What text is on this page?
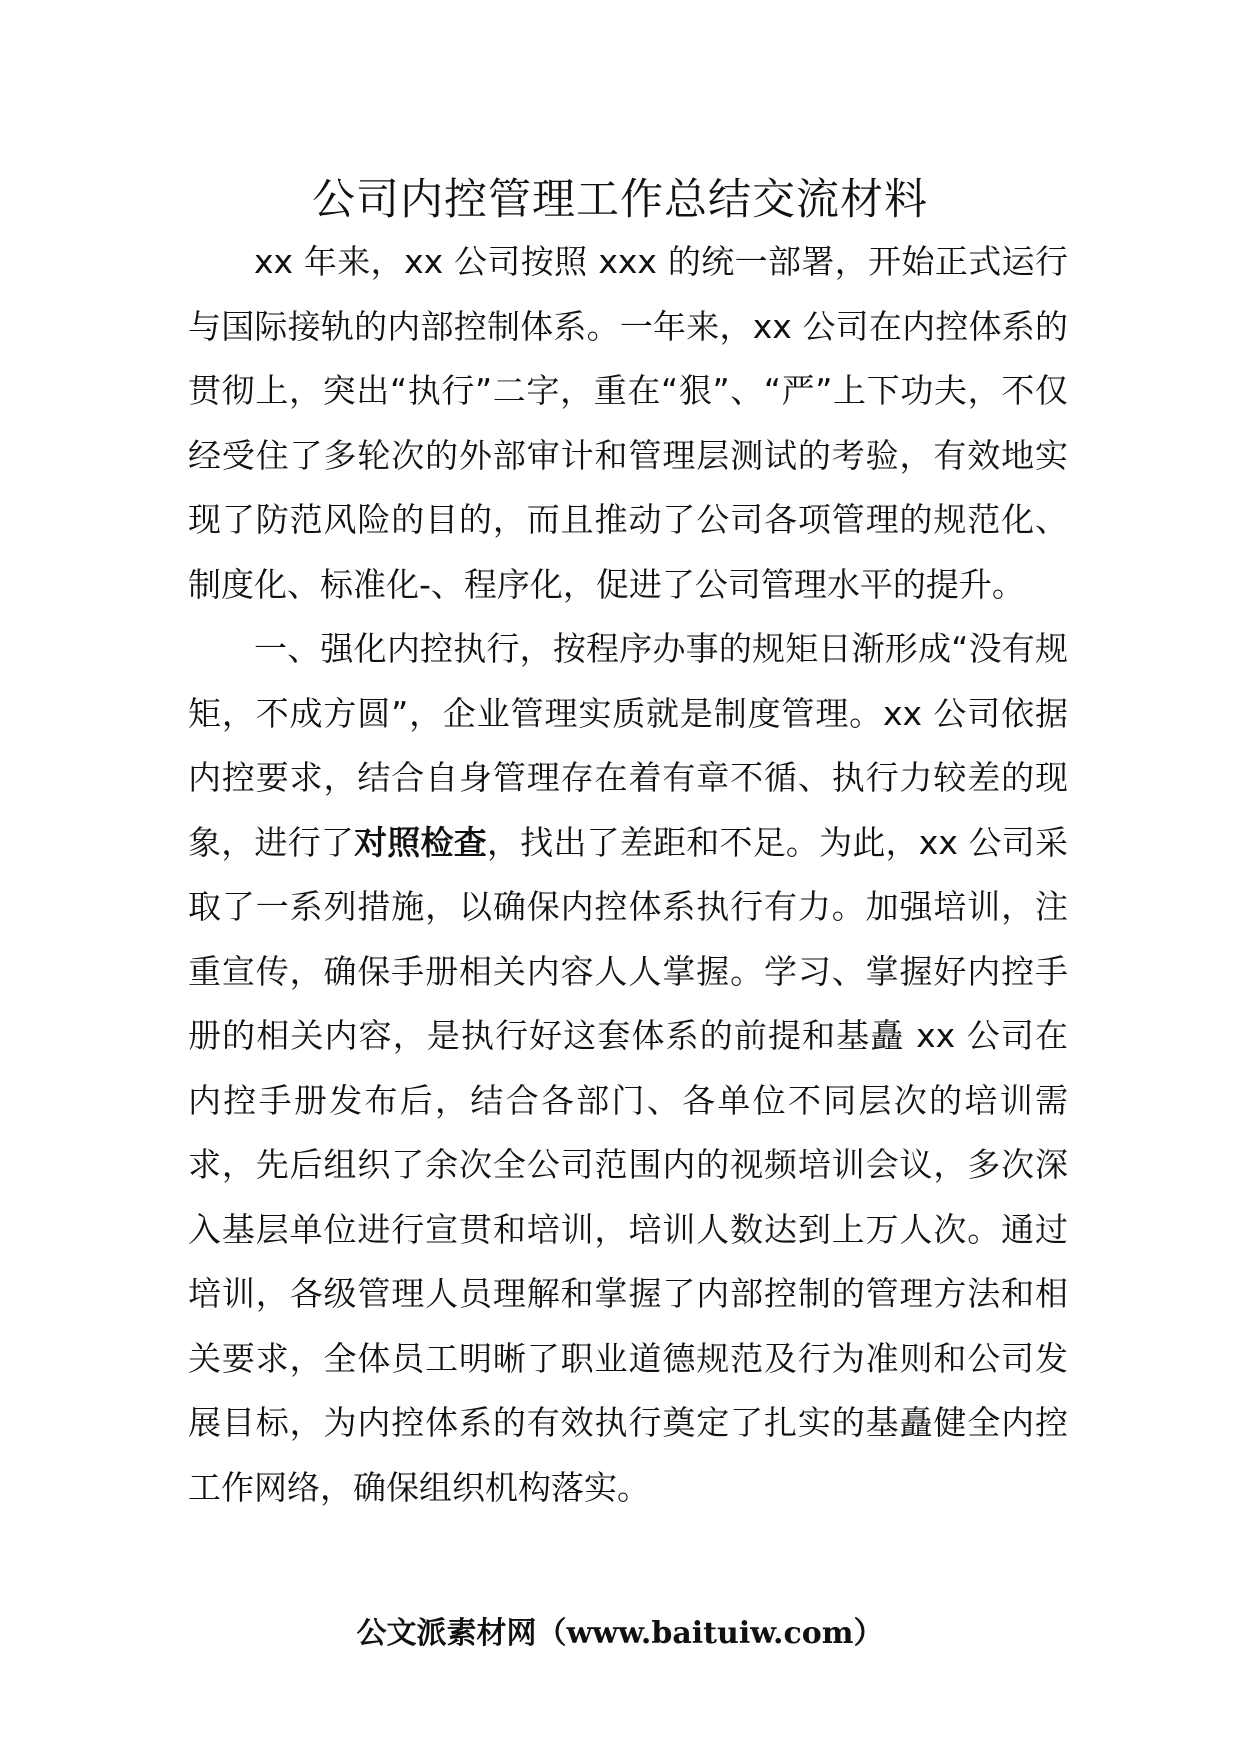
公司内控管理工作总结交流材料

xx 年来，xx 公司按照 xxx 的统一部署，开始正式运行与国际接轨的内部控制体系。一年来，xx 公司在内控体系的贯彻上，突出“执行”二字，重在“狠”、“严”上下功夫，不仅经受住了多轮次的外部审计和管理层测试的考验，有效地实现了防范风险的目的，而且推动了公司各项管理的规范化、制度化、标准化-、程序化，促进了公司管理水平的提升。

一、强化内控执行，按程序办事的规矩日渐形成“没有规矩，不成方圆”，企业管理实质就是制度管理。xx 公司依据内控要求，结合自身管理存在着有章不循、执行力较差的现象，进行了对照检查，找出了差距和不足。为此，xx 公司采取了一系列措施，以确保内控体系执行有力。加强培训，注重宣传，确保手册相关内容人人掌握。学习、掌握好内控手册的相关内容，是执行好这套体系的前提和基矗 xx 公司在内控手册发布后，结合各部门、各单位不同层次的培训需求，先后组织了余次全公司范围内的视频培训会议，多次深入基层单位进行宣贯和培训，培训人数达到上万人次。通过培训，各级管理人员理解和掌握了内部控制的管理方法和相关要求，全体员工明晰了职业道德规范及行为准则和公司发展目标，为内控体系的有效执行奠定了扎实的基矗健全内控工作网络，确保组织机构落实。

公文派素材网（www.baituiw.com）
